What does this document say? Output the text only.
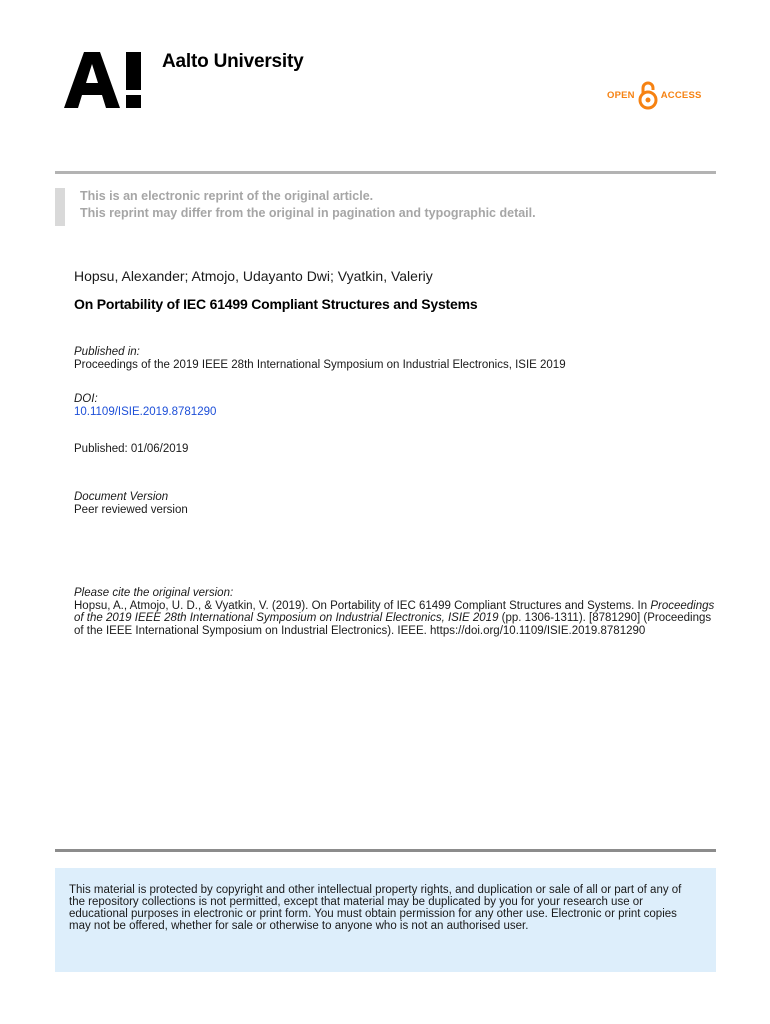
Aalto University
OPEN	ACCESS
This is an electronic reprint of the original article.
This reprint may differ from the original in pagination and typographic detail.
Hopsu, Alexander; Atmojo, Udayanto Dwi; Vyatkin, Valeriy
On Portability of IEC 61499 Compliant Structures and Systems
Published in:
Proceedings of the 2019 IEEE 28th International Symposium on Industrial Electronics, ISIE 2019
DOI:
10.1109/ISIE.2019.8781290
Published: 01/06/2019
Document Version
Peer reviewed version
Please cite the original version:
Hopsu, A., Atmojo, U. D., & Vyatkin, V. (2019). On Portability of IEC 61499 Compliant Structures and Systems. In Proceedings of the 2019 IEEE 28th International Symposium on Industrial Electronics, ISIE 2019 (pp. 1306-1311). [8781290] (Proceedings of the IEEE International Symposium on Industrial Electronics). IEEE. https://doi.org/10.1109/ISIE.2019.8781290
This material is protected by copyright and other intellectual property rights, and duplication or sale of all or part of any of the repository collections is not permitted, except that material may be duplicated by you for your research use or educational purposes in electronic or print form. You must obtain permission for any other use. Electronic or print copies may not be offered, whether for sale or otherwise to anyone who is not an authorised user.
